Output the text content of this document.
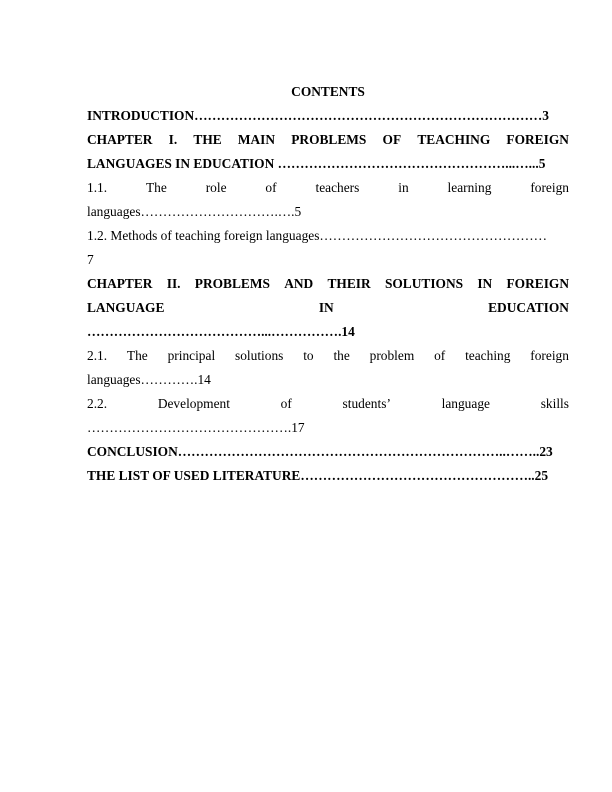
CONTENTS
INTRODUCTION……………………………………………………………………3
CHAPTER I. THE MAIN PROBLEMS OF TEACHING FOREIGN
LANGUAGES IN EDUCATION ……………………………………………...…...5
1.1.	The	role	of	teachers	in	learning	foreign
languages………………………….….5
1.2. Methods of teaching foreign languages……………………………………………
7
CHAPTER II. PROBLEMS AND THEIR SOLUTIONS IN FOREIGN
LANGUAGE	IN	EDUCATION
…………………………………...…………….14
2.1. The principal solutions to the problem of teaching foreign
languages………….14
2.2.	Development	of	students’	language	skills
……………………………………….17
CONCLUSION………………………………………………………………..……..23
THE LIST OF USED LITERATURE……………………………………………..25
